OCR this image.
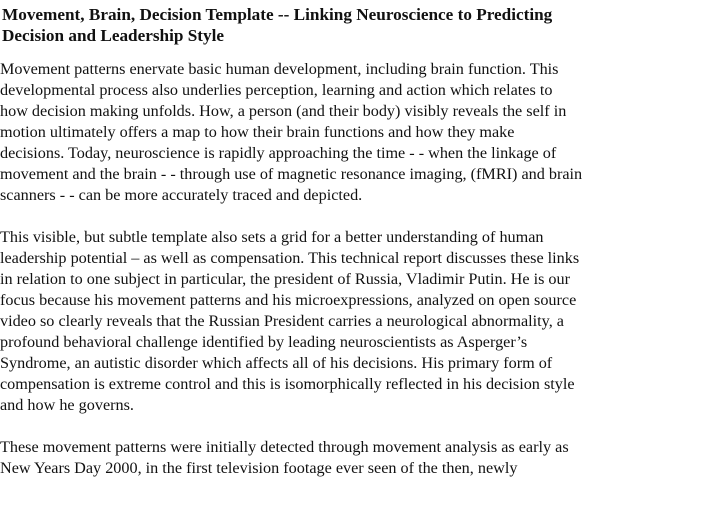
Movement, Brain, Decision Template -- Linking Neuroscience to Predicting
Decision and Leadership Style

Movement patterns enervate basic human development, including brain function. This
developmental process also underlies perception, learning and action which relates to
how decision making unfolds. How, a person (and their body) visibly reveals the self in
motion ultimately offers a map to how their brain functions and how they make
decisions. Today, neuroscience is rapidly approaching the time - - when the linkage of
movement and the brain - - through use of magnetic resonance imaging, (fMRI) and brain
scanners - - can be more accurately traced and depicted.

This visible, but subtle template also sets a grid for a better understanding of human
leadership potential – as well as compensation. This technical report discusses these links
in relation to one subject in particular, the president of Russia, Vladimir Putin. He is our
focus because his movement patterns and his microexpressions, analyzed on open source
video so clearly reveals that the Russian President carries a neurological abnormality, a
profound behavioral challenge identified by leading neuroscientists as Asperger’s
Syndrome, an autistic disorder which affects all of his decisions. His primary form of
compensation is extreme control and this is isomorphically reflected in his decision style
and how he governs.

These movement patterns were initially detected through movement analysis as early as
New Years Day 2000, in the first television footage ever seen of the then, newly
